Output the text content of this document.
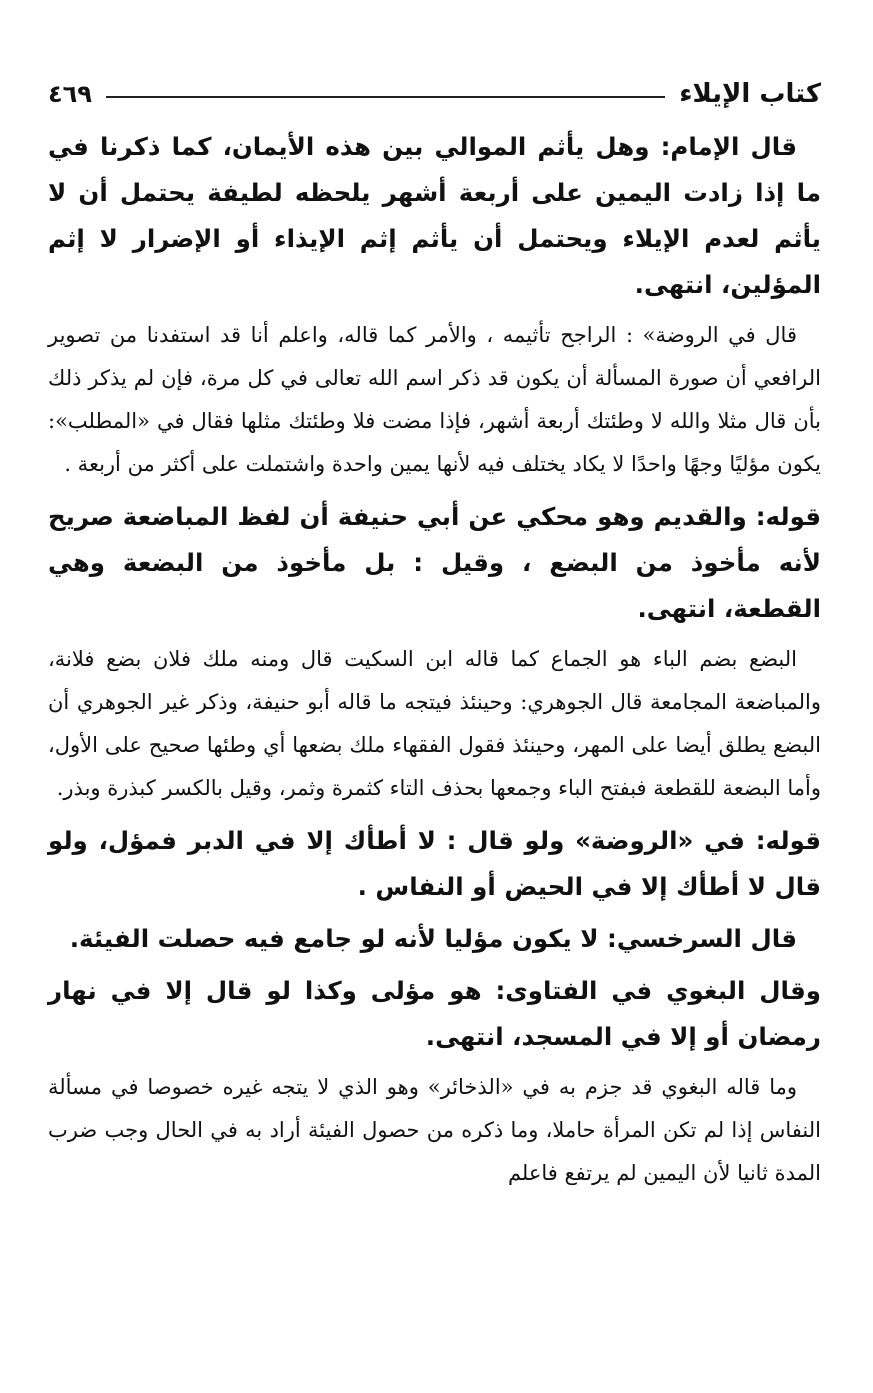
كتاب الإيلاء
٤٦٩

قال الإمام: وهل يأثم الموالي بين هذه الأيمان، كما ذكرنا في ما إذا زادت اليمين على أربعة أشهر يلحظه لطيفة يحتمل أن لا يأثم لعدم الإيلاء ويحتمل أن يأثم إثم الإيذاء أو الإضرار لا إثم المؤلين، انتهى.

قال في الروضة» : الراجح تأثيمه ، والأمر كما قاله، واعلم أنا قد استفدنا من تصوير الرافعي أن صورة المسألة أن يكون قد ذكر اسم الله تعالى في كل مرة، فإن لم يذكر ذلك بأن قال مثلا والله لا وطئتك أربعة أشهر، فإذا مضت فلا وطئتك مثلها فقال في «المطلب»: يكون مؤليًا وجهًا واحدًا لا يكاد يختلف فيه لأنها يمين واحدة واشتملت على أكثر من أربعة .

قوله: والقديم وهو محكي عن أبي حنيفة أن لفظ المباضعة صريح لأنه مأخوذ من البضع ، وقيل : بل مأخوذ من البضعة وهي القطعة، انتهى.

البضع بضم الباء هو الجماع كما قاله ابن السكيت قال ومنه ملك فلان بضع فلانة، والمباضعة المجامعة قال الجوهري: وحينئذ فيتجه ما قاله أبو حنيفة، وذكر غير الجوهري أن البضع يطلق أيضا على المهر، وحينئذ فقول الفقهاء ملك بضعها أي وطئها صحيح على الأول، وأما البضعة للقطعة فبفتح الباء وجمعها بحذف التاء كثمرة وثمر، وقيل بالكسر كبذرة وبذر.

قوله: في «الروضة» ولو قال : لا أطأك إلا في الدبر فمؤل، ولو قال لا أطأك إلا في الحيض أو النفاس .

قال السرخسي: لا يكون مؤليا لأنه لو جامع فيه حصلت الفيئة.

وقال البغوي في الفتاوى: هو مؤلى وكذا لو قال إلا في نهار رمضان أو إلا في المسجد، انتهى.

وما قاله البغوي قد جزم به في «الذخائر» وهو الذي لا يتجه غيره خصوصا في مسألة النفاس إذا لم تكن المرأة حاملا، وما ذكره من حصول الفيئة أراد به في الحال وجب ضرب المدة ثانيا لأن اليمين لم يرتفع فاعلم
